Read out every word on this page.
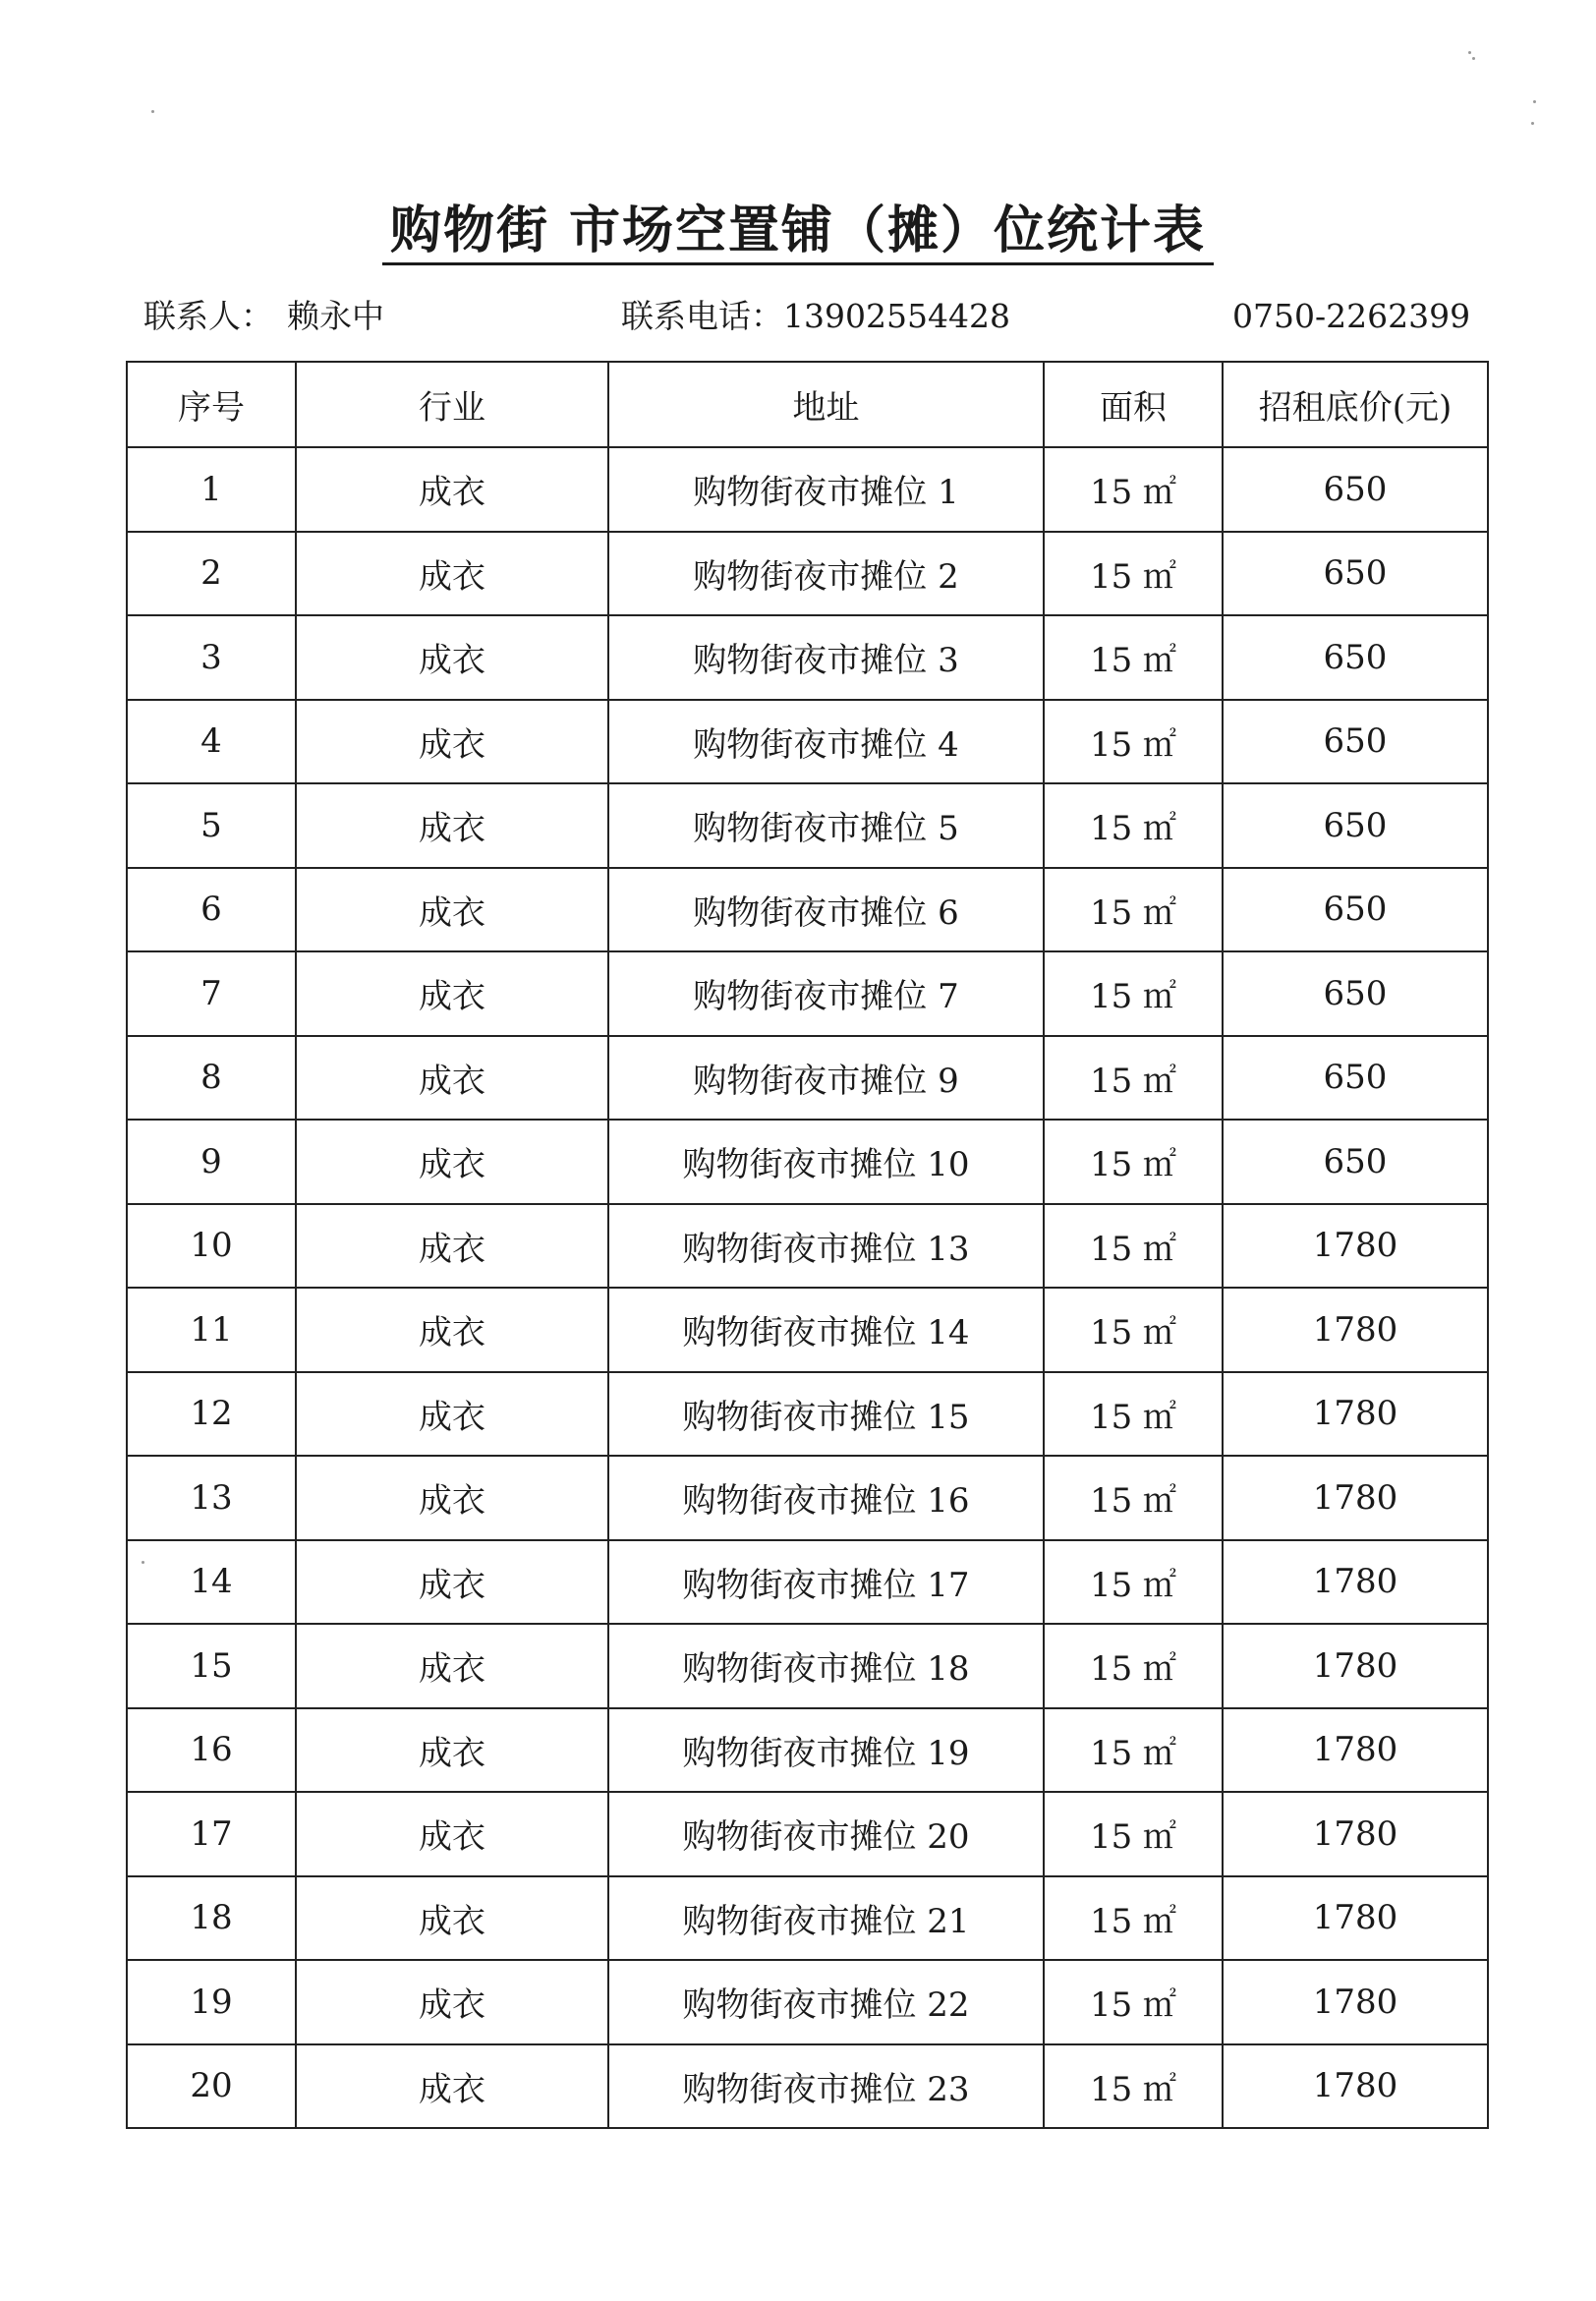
购物街 市场空置铺（摊）位统计表
联系人： 赖永中	联系电话：13902554428	0750-2262399
序号	行业	地址	面积	招租底价(元)
1	成衣	购物街夜市摊位 1	15 ㎡	650
2	成衣	购物街夜市摊位 2	15 ㎡	650
3	成衣	购物街夜市摊位 3	15 ㎡	650
4	成衣	购物街夜市摊位 4	15 ㎡	650
5	成衣	购物街夜市摊位 5	15 ㎡	650
6	成衣	购物街夜市摊位 6	15 ㎡	650
7	成衣	购物街夜市摊位 7	15 ㎡	650
8	成衣	购物街夜市摊位 9	15 ㎡	650
9	成衣	购物街夜市摊位 10	15 ㎡	650
10	成衣	购物街夜市摊位 13	15 ㎡	1780
11	成衣	购物街夜市摊位 14	15 ㎡	1780
12	成衣	购物街夜市摊位 15	15 ㎡	1780
13	成衣	购物街夜市摊位 16	15 ㎡	1780
14	成衣	购物街夜市摊位 17	15 ㎡	1780
15	成衣	购物街夜市摊位 18	15 ㎡	1780
16	成衣	购物街夜市摊位 19	15 ㎡	1780
17	成衣	购物街夜市摊位 20	15 ㎡	1780
18	成衣	购物街夜市摊位 21	15 ㎡	1780
19	成衣	购物街夜市摊位 22	15 ㎡	1780
20	成衣	购物街夜市摊位 23	15 ㎡	1780
